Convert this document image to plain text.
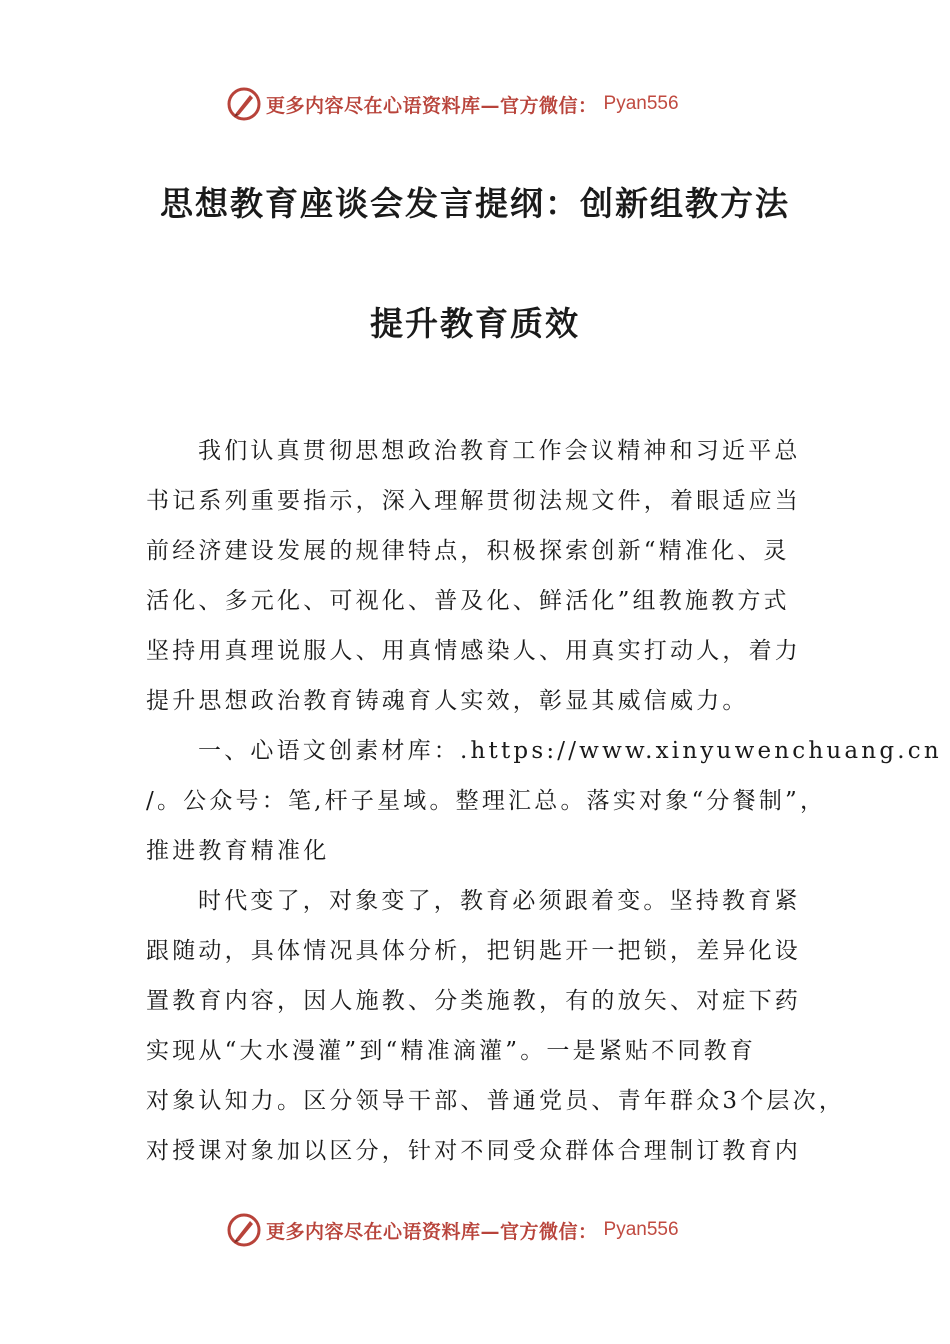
更多内容尽在心语资料库—官方微信： Pyan556
思想教育座谈会发言提纲：创新组教方法
提升教育质效
我们认真贯彻思想政治教育工作会议精神和习近平总
书记系列重要指示，深入理解贯彻法规文件，着眼适应当
前经济建设发展的规律特点，积极探索创新“精准化、灵
活化、多元化、可视化、普及化、鲜活化”组教施教方式
坚持用真理说服人、用真情感染人、用真实打动人，着力
提升思想政治教育铸魂育人实效，彰显其威信威力。
一、心语文创素材库：.https://www.xinyuwenchuang.cn
/。公众号：笔,杆子星域。整理汇总。落实对象“分餐制”，
推进教育精准化
时代变了，对象变了，教育必须跟着变。坚持教育紧
跟随动，具体情况具体分析，把钥匙开一把锁，差异化设
置教育内容，因人施教、分类施教，有的放矢、对症下药
实现从“大水漫灌”到“精准滴灌”。一是紧贴不同教育
对象认知力。区分领导干部、普通党员、青年群众3个层次，
对授课对象加以区分，针对不同受众群体合理制订教育内
更多内容尽在心语资料库—官方微信： Pyan556
